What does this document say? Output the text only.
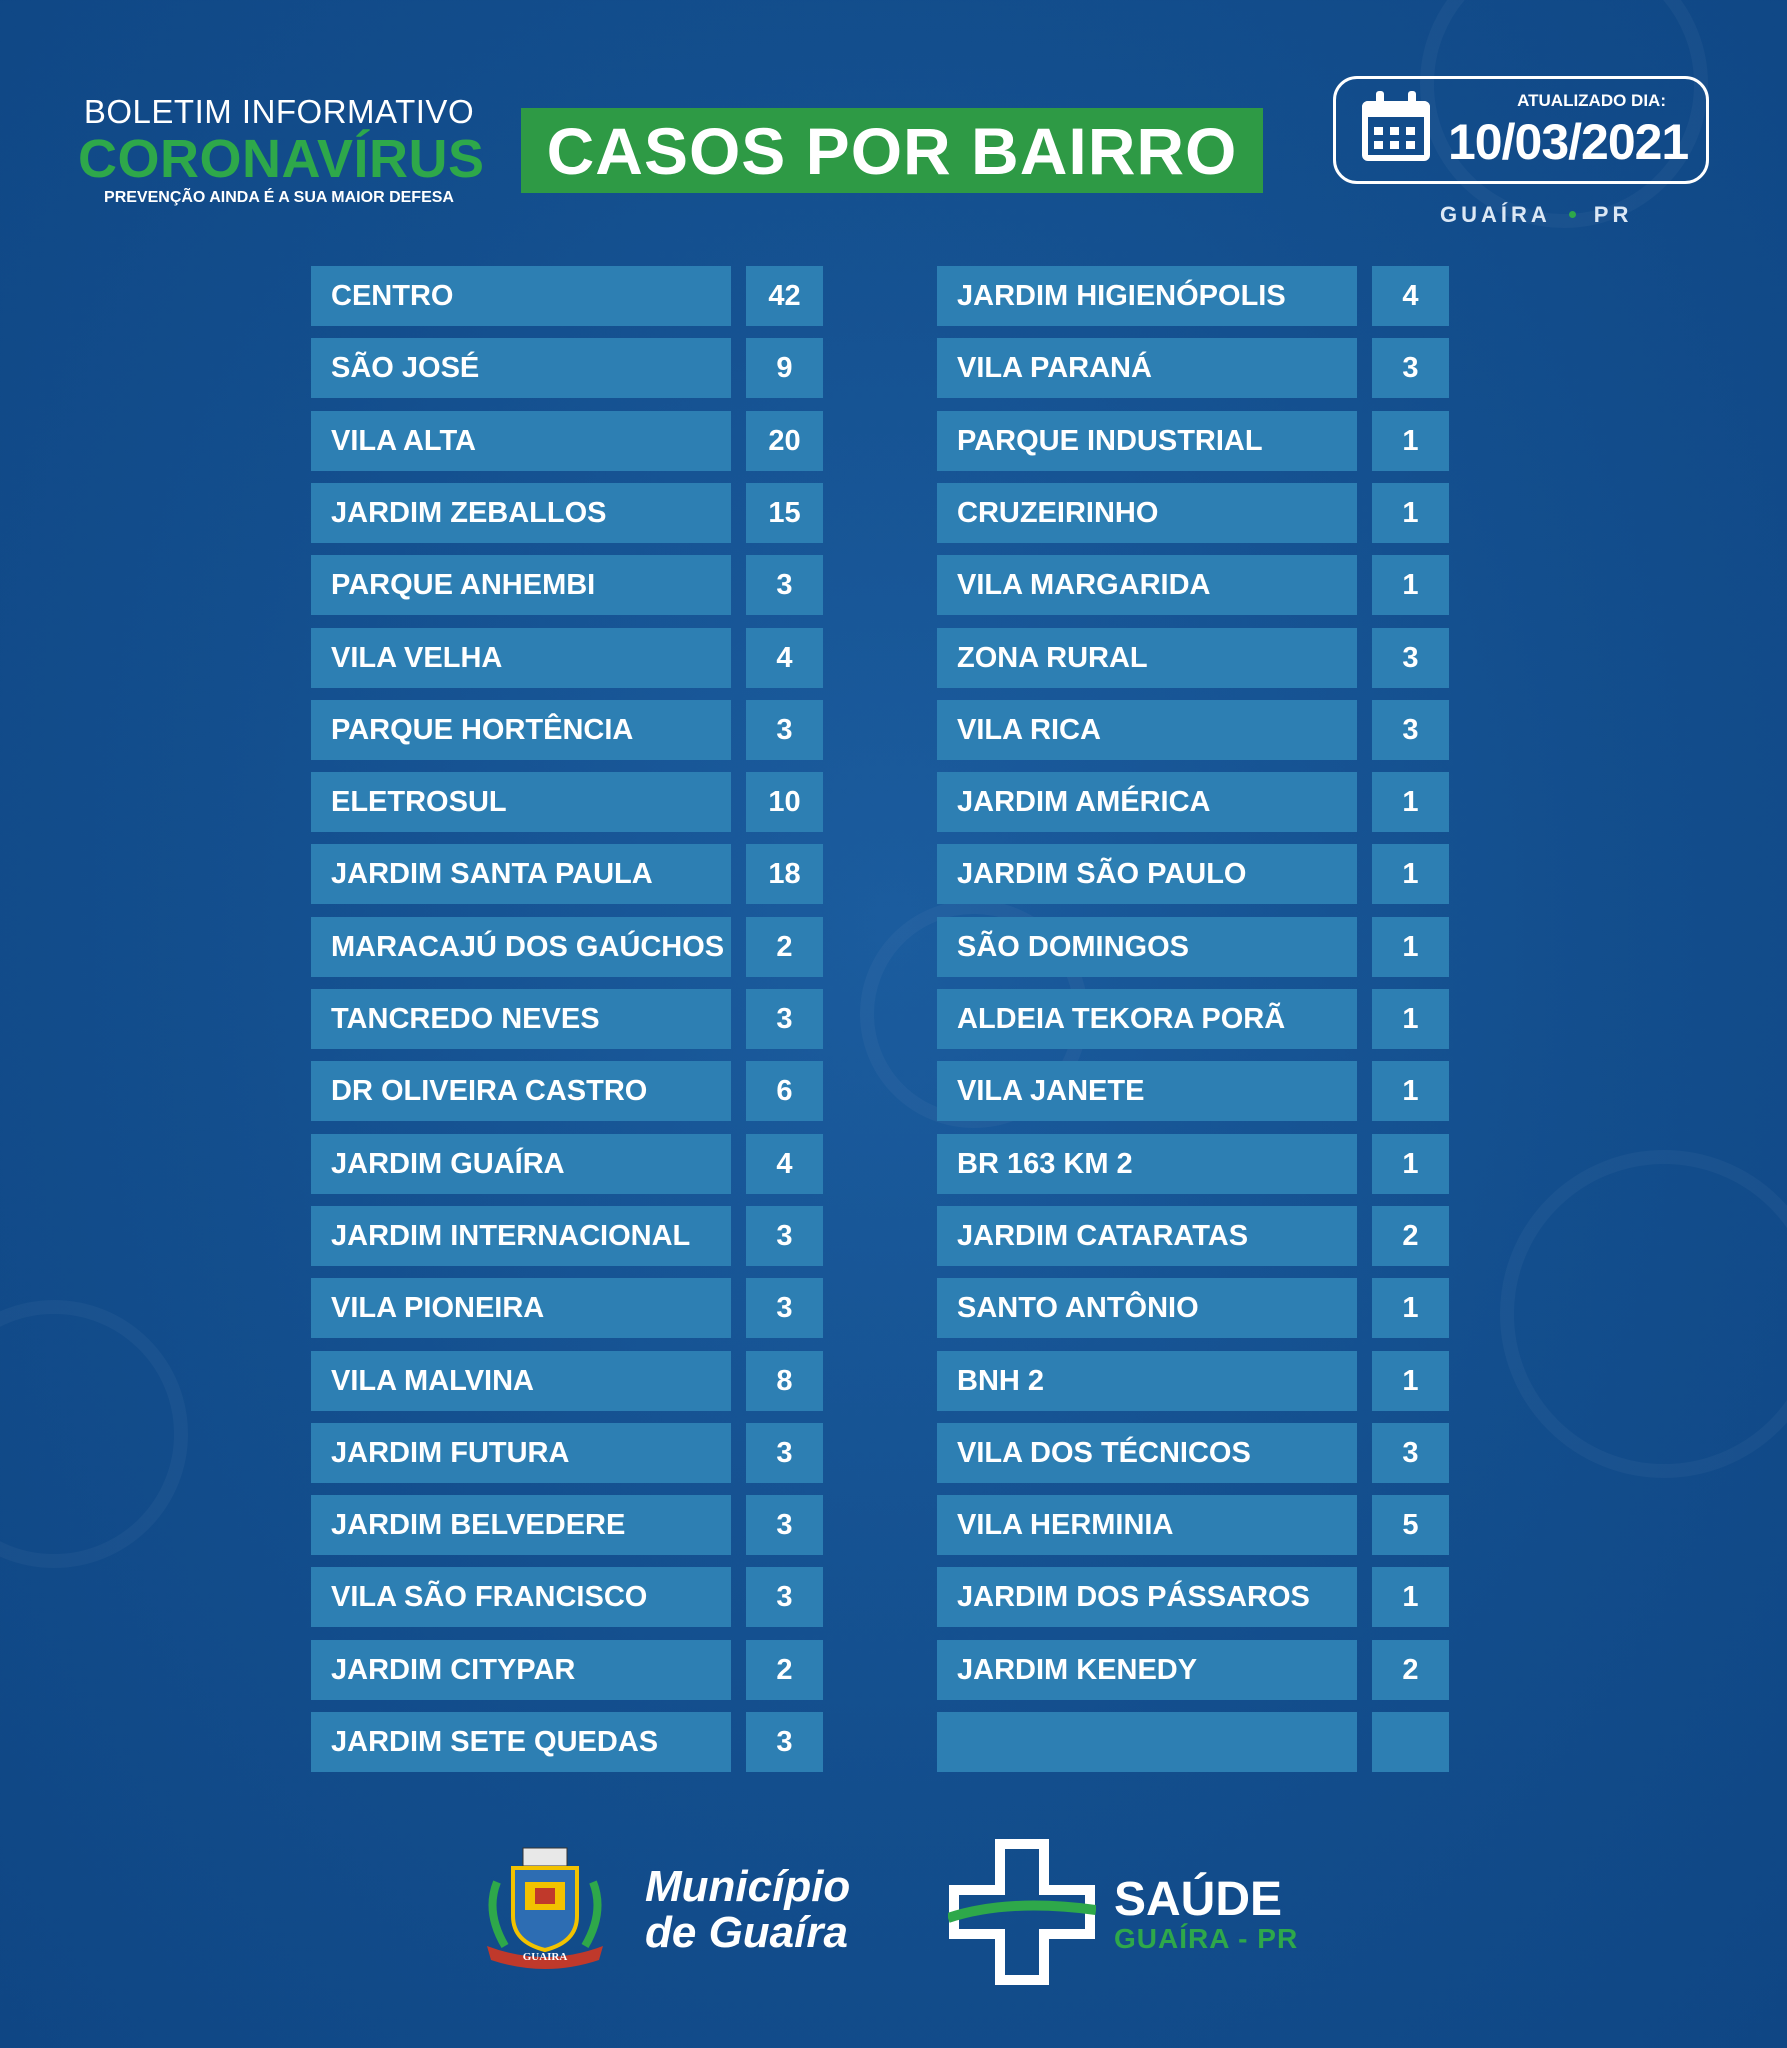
BOLETIM INFORMATIVO
CORONAVÍRUS
PREVENÇÃO AINDA É A SUA MAIOR DEFESA
CASOS POR BAIRRO
ATUALIZADO DIA:
10/03/2021
GUAÍRA PR
CENTRO	42
SÃO JOSÉ	9
VILA ALTA	20
JARDIM ZEBALLOS	15
PARQUE ANHEMBI	3
VILA VELHA	4
PARQUE HORTÊNCIA	3
ELETROSUL	10
JARDIM SANTA PAULA	18
MARACAJÚ DOS GAÚCHOS	2
TANCREDO NEVES	3
DR OLIVEIRA CASTRO	6
JARDIM GUAÍRA	4
JARDIM INTERNACIONAL	3
VILA PIONEIRA	3
VILA MALVINA	8
JARDIM FUTURA	3
JARDIM BELVEDERE	3
VILA SÃO FRANCISCO	3
JARDIM CITYPAR	2
JARDIM SETE QUEDAS	3
JARDIM HIGIENÓPOLIS	4
VILA PARANÁ	3
PARQUE INDUSTRIAL	1
CRUZEIRINHO	1
VILA MARGARIDA	1
ZONA RURAL	3
VILA RICA	3
JARDIM AMÉRICA	1
JARDIM SÃO PAULO	1
SÃO DOMINGOS	1
ALDEIA TEKORA PORÃ	1
VILA JANETE	1
BR 163 KM 2	1
JARDIM CATARATAS	2
SANTO ANTÔNIO	1
BNH 2	1
VILA DOS TÉCNICOS	3
VILA HERMINIA	5
JARDIM DOS PÁSSAROS	1
JARDIM KENEDY	2
GUAIRA
Município
de Guaíra
SAÚDE
GUAÍRA - PR
